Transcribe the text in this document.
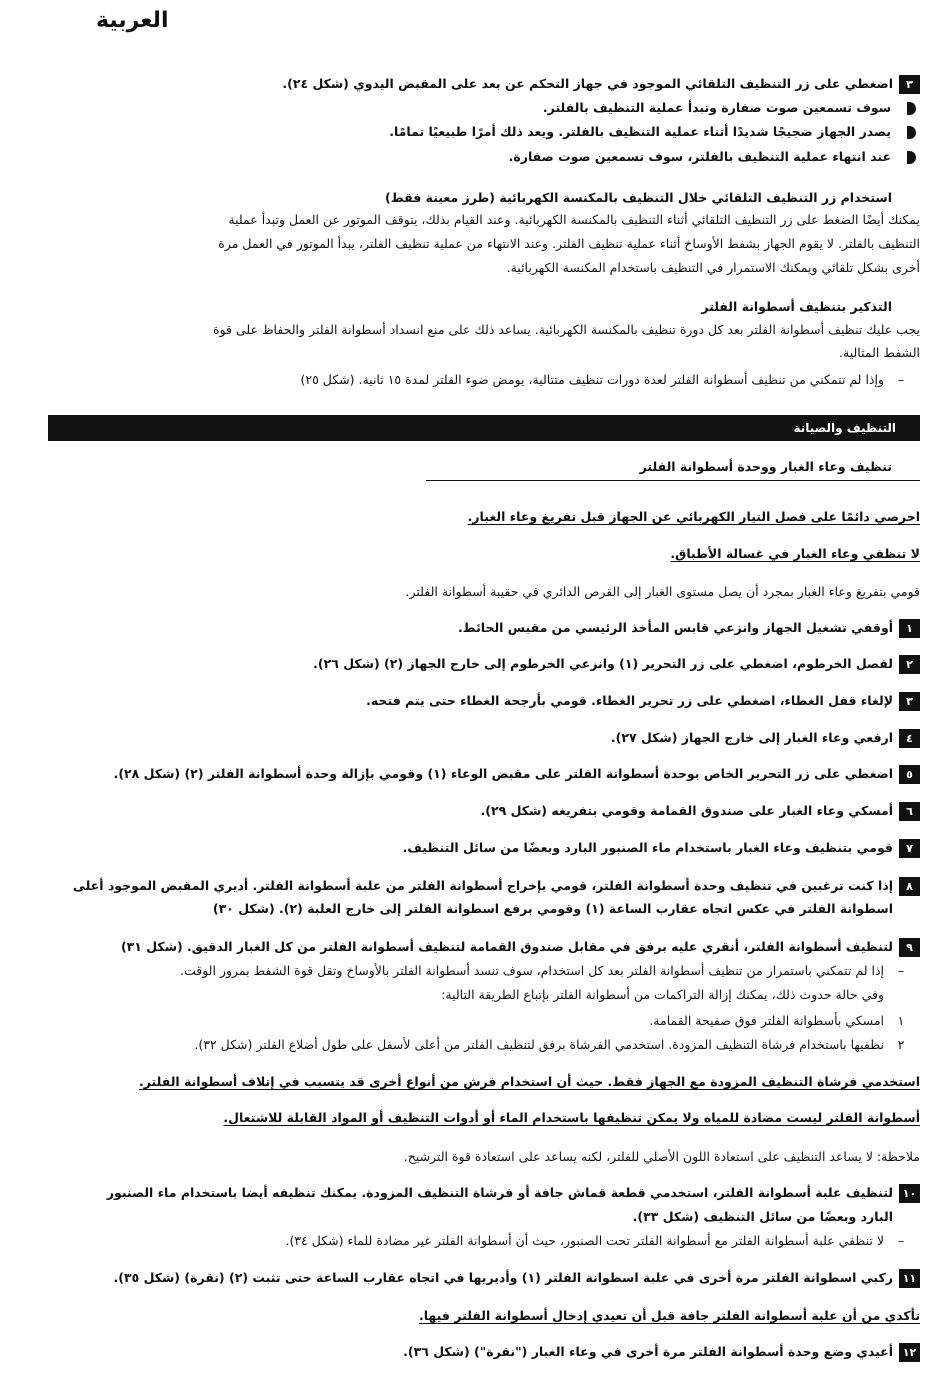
العربية
٣اضغطي على زر التنظيف التلقائي الموجود في جهاز التحكم عن بعد على المقبض اليدوي (شكل ٢٤).
سوف تسمعين صوت صفارة وتبدأ عملية التنظيف بالفلتر.
يصدر الجهاز ضجيجًا شديدًا أثناء عملية التنظيف بالفلتر. ويعد ذلك أمرًا طبيعيًا تمامًا.
عند انتهاء عملية التنظيف بالفلتر، سوف تسمعين صوت صفارة.
استخدام زر التنظيف التلقائي خلال التنظيف بالمكنسة الكهربائية (طرز معينة فقط)
يمكنك أيضًا الضغط على زر التنظيف التلقائي أثناء التنظيف بالمكنسة الكهربائية. وعند القيام بذلك، يتوقف الموتور عن العمل وتبدأ عملية
التنظيف بالفلتر. لا يقوم الجهاز بشفط الأوساخ أثناء عملية تنظيف الفلتر. وعند الانتهاء من عملية تنظيف الفلتر، يبدأ الموتور في العمل مرة
أخرى بشكل تلقائي ويمكنك الاستمرار في التنظيف باستخدام المكنسة الكهربائية.
التذكير بتنظيف أسطوانة الفلتر
يجب عليك تنظيف أسطوانة الفلتر بعد كل دورة تنظيف بالمكنسة الكهربائية. يساعد ذلك على منع انسداد أسطوانة الفلتر والحفاظ على قوة
الشفط المثالية.
–وإذا لم تتمكني من تنظيف أسطوانة الفلتر لعدة دورات تنظيف متتالية، يومض ضوء الفلتر لمدة ١٥ ثانية. (شكل ٢٥)
التنظيف والصيانة
تنظيف وعاء الغبار ووحدة أسطوانة الفلتر
احرصي دائمًا على فصل التيار الكهربائي عن الجهاز قبل تفريغ وعاء الغبار.
لا تنظفي وعاء الغبار في غسالة الأطباق.
قومي بتفريغ وعاء الغبار بمجرد أن يصل مستوى الغبار إلى القرص الدائري في حقيبة أسطوانة الفلتر.
١أوقفي تشغيل الجهاز وانزعي قابس المأخذ الرئيسي من مقبس الحائط.
٢لفصل الخرطوم، اضغطي على زر التحرير (١) وانزعي الخرطوم إلى خارج الجهاز (٢) (شكل ٢٦).
٣لإلغاء قفل الغطاء، اضغطي على زر تحرير الغطاء. قومي بأرجحة الغطاء حتى يتم فتحه.
٤ارفعي وعاء الغبار إلى خارج الجهاز (شكل ٢٧).
٥اضغطي على زر التحرير الخاص بوحدة أسطوانة الفلتر على مقبض الوعاء (١) وقومي بإزالة وحدة أسطوانة الفلتر (٢) (شكل ٢٨).
٦أمسكي وعاء الغبار على صندوق القمامة وقومي بتفريغه (شكل ٢٩).
٧قومي بتنظيف وعاء الغبار باستخدام ماء الصنبور البارد وبعضًا من سائل التنظيف.
٨إذا كنت ترغبين في تنظيف وحدة أسطوانة الفلتر، قومي بإخراج أسطوانة الفلتر من علبة أسطوانة الفلتر. أديري المقبض الموجود أعلى
اسطوانة الفلتر في عكس اتجاه عقارب الساعة (١) وقومي برفع اسطوانة الفلتر إلى خارج العلبة (٢). (شكل ٣٠)
٩لتنظيف أسطوانة الفلتر، أنقري عليه برفق في مقابل صندوق القمامة لتنظيف أسطوانة الفلتر من كل الغبار الدقيق. (شكل ٣١)
–إذا لم تتمكني باستمرار من تنظيف أسطوانة الفلتر بعد كل استخدام، سوف تنسد أسطوانة الفلتر بالأوساخ وتقل قوة الشفط بمرور الوقت.
وفي حالة حدوث ذلك، يمكنك إزالة التراكمات من أسطوانة الفلتر بإتباع الطريقة التالية:
١امسكي بأسطوانة الفلتر فوق صفيحة القمامة.
٢نظفيها باستخدام فرشاة التنظيف المزودة. استخدمي الفرشاة برفق لتنظيف الفلتر من أعلى لأسفل على طول أضلاع الفلتر (شكل ٣٢).
استخدمي فرشاة التنظيف المزودة مع الجهاز فقط. حيث أن استخدام فرش من أنواع أخرى قد يتسبب في إتلاف أسطوانة الفلتر.
أسطوانة الفلتر ليست مضادة للمياه ولا يمكن تنظيفها باستخدام الماء أو أدوات التنظيف أو المواد القابلة للاشتعال.
ملاحظة: لا يساعد التنظيف على استعادة اللون الأصلي للفلتر، لكنه يساعد على استعادة قوة الترشيح.
١٠لتنظيف علبة أسطوانة الفلتر، استخدمي قطعة قماش جافة أو فرشاة التنظيف المزودة. يمكنك تنظيفه أيضا باستخدام ماء الصنبور
البارد وبعضًا من سائل التنظيف (شكل ٣٣).
–لا تنظفي علبة أسطوانة الفلتر مع أسطوانة الفلتر تحت الصنبور، حيث أن أسطوانة الفلتر غير مضادة للماء (شكل ٣٤).
١١ركبي اسطوانة الفلتر مرة أخرى في علبة اسطوانة الفلتر (١) وأديريها في اتجاه عقارب الساعة حتى تثبت (٢) (نقرة) (شكل ٣٥).
تأكدي من أن علبة أسطوانة الفلتر جافة قبل أن تعيدي إدخال أسطوانة الفلتر فيها.
١٢أعيدي وضع وحدة أسطوانة الفلتر مرة أخرى في وعاء الغبار ("نقرة") (شكل ٣٦).
